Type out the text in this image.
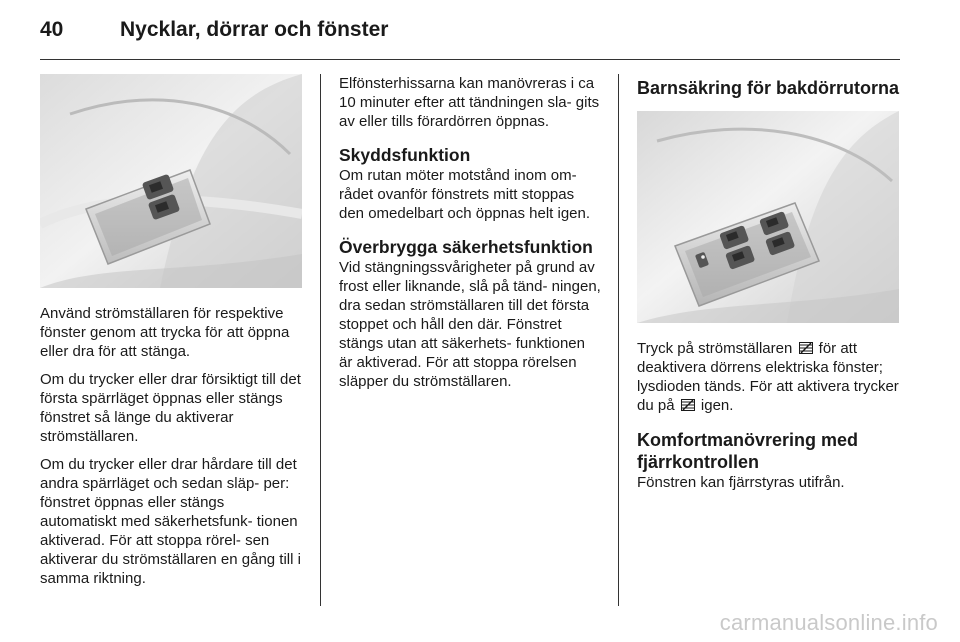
40	Nycklar, dörrar och fönster

Använd strömställaren för respektive fönster genom att trycka för att öppna eller dra för att stänga.

Om du trycker eller drar försiktigt till det första spärrläget öppnas eller stängs fönstret så länge du aktiverar strömställaren.

Om du trycker eller drar hårdare till det andra spärrläget och sedan släp- per: fönstret öppnas eller stängs automatiskt med säkerhetsfunk- tionen aktiverad. För att stoppa rörel- sen aktiverar du strömställaren en gång till i samma riktning.

Elfönsterhissarna kan manövreras i ca 10 minuter efter att tändningen sla- gits av eller tills förardörren öppnas.

Skyddsfunktion

Om rutan möter motstånd inom om- rådet ovanför fönstrets mitt stoppas den omedelbart och öppnas helt igen.

Överbrygga säkerhetsfunktion

Vid stängningssvårigheter på grund av frost eller liknande, slå på tänd- ningen, dra sedan strömställaren till det första stoppet och håll den där. Fönstret stängs utan att säkerhets- funktionen är aktiverad. För att stoppa rörelsen släpper du strömställaren.

Barnsäkring för bakdörrutorna

Tryck på strömställaren för att deaktivera dörrens elektriska fönster; lysdioden tänds. För att aktivera trycker du på igen.

Komfortmanövrering med fjärrkontrollen

Fönstren kan fjärrstyras utifrån.

carmanualsonline.info
